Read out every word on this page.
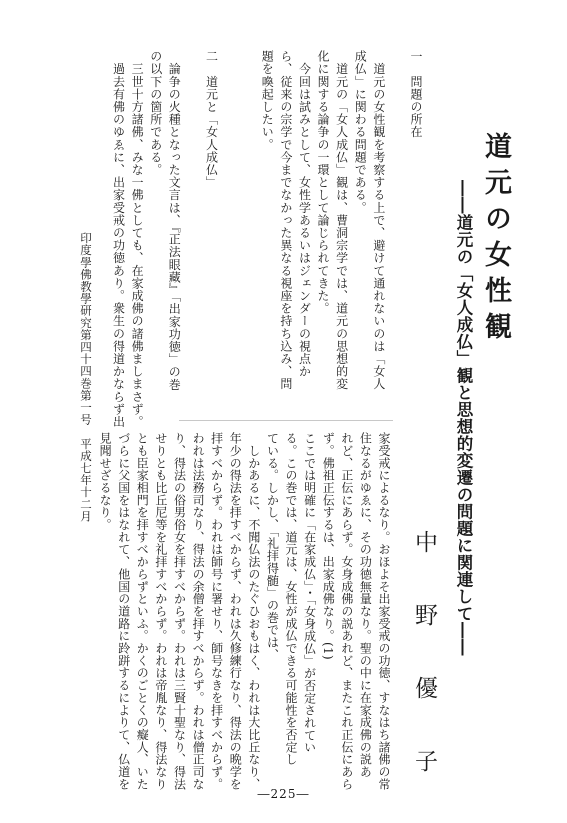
道元の女性観
――道元の「女人成仏」観と思想的変遷の問題に関連して――
中野優子
一　問題の所在

　道元の女性観を考察する上で、避けて通れないのは「女人
成仏」に関わる問題である。
　道元の「女人成仏」観は、曹洞宗学では、道元の思想的変
化に関する論争の一環として論じられてきた。
　今回は試みとして、女性学あるいはジェンダーの視点か
ら、従来の宗学で今までなかった異なる視座を持ち込み、問
題を喚起したい。

二　道元と「女人成仏」

　論争の火種となった文言は、『正法眼藏』「出家功徳」の巻
の以下の箇所である。
　三世十方諸佛、みな一佛としても、在家成佛の諸佛ましまさず。
　過去有佛のゆゑに、出家受戒の功徳あり。衆生の得道かならず出
家受戒によるなり。おほよそ出家受戒の功徳、すなはち諸佛の常
住なるがゆゑに、その功徳無量なり。聖の中に在家成佛の説あ
れど、正伝にあらず。女身成佛の説あれど、またこれ正伝にあら
ず。佛祖正伝するは、出家成佛なり。(1)
ここでは明確に「在家成仏」・「女身成仏」が否定されてい
る。この巻では、道元は、女性が成仏できる可能性を否定し
ている。しかし、「礼拝得髄」の巻では、
　しかあるに、不聞仏法のたぐひおもはく、われは大比丘なり、
年少の得法を拝すべからず、われは久修練行なり、得法の晩学を
拝すべからず。われは師号に署せり、師号なきを拝すべからず。
われは法務司なり、得法の余僧を拝すべからず。われは僧正司な
り、得法の俗男俗女を拝すべからず。われは三賢十聖なり、得法
せりとも比丘尼等を礼拝すべからず。われは帝胤なり、得法なり
とも臣家相門を拝すべからずといふ。かくのごとくの癡人、いた
づらに父国をはなれて、他国の道路に跉跰するによりて、仏道を
見聞せざるなり。
印度學佛教學研究第四十四巻第一号　平成七年十二月
―225―
